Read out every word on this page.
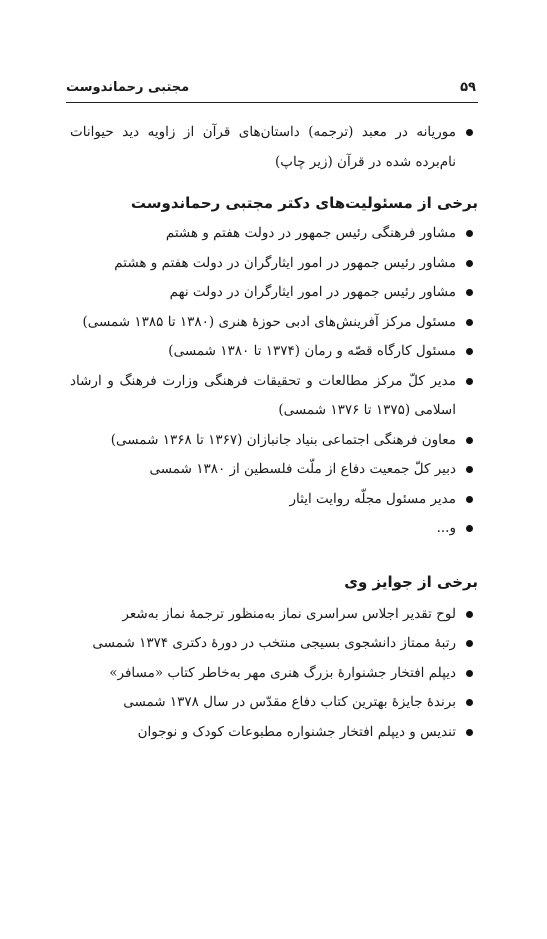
۵۹
مجتبی رحماندوست
موریانه در معبد (ترجمه) داستان‌های قرآن از زاویه دید حیوانات نام‌برده شده در قرآن (زیر چاپ)
برخی از مسئولیت‌های دکتر مجتبی رحماندوست
مشاور فرهنگی رئیس جمهور در دولت هفتم و هشتم
مشاور رئیس جمهور در امور ایثارگران در دولت هفتم و هشتم
مشاور رئیس جمهور در امور ایثارگران در دولت نهم
مسئول مرکز آفرینش‌های ادبی حوزهٔ هنری (۱۳۸۰ تا ۱۳۸۵ شمسی)
مسئول کارگاه قصّه و رمان (۱۳۷۴ تا ۱۳۸۰ شمسی)
مدیر کلّ مرکز مطالعات و تحقیقات فرهنگی وزارت فرهنگ و ارشاد اسلامی (۱۳۷۵ تا ۱۳۷۶ شمسی)
معاون فرهنگی اجتماعی بنیاد جانبازان (۱۳۶۷ تا ۱۳۶۸ شمسی)
دبیر کلّ جمعیت دفاع از ملّت فلسطین از ۱۳۸۰ شمسی
مدیر مسئول مجلّه روایت ایثار
و...
برخی از جوایز وی
لوح تقدیر اجلاس سراسری نماز به‌منظور ترجمهٔ نماز به‌شعر
رتبهٔ ممتاز دانشجوی بسیجی منتخب در دورهٔ دکتری ۱۳۷۴ شمسی
دیپلم افتخار جشنوارهٔ بزرگ هنری مهر به‌خاطر کتاب «مسافر»
برندهٔ جایزهٔ بهترین کتاب دفاع مقدّس در سال ۱۳۷۸ شمسی
تندیس و دیپلم افتخار جشنواره مطبوعات کودک و نوجوان
